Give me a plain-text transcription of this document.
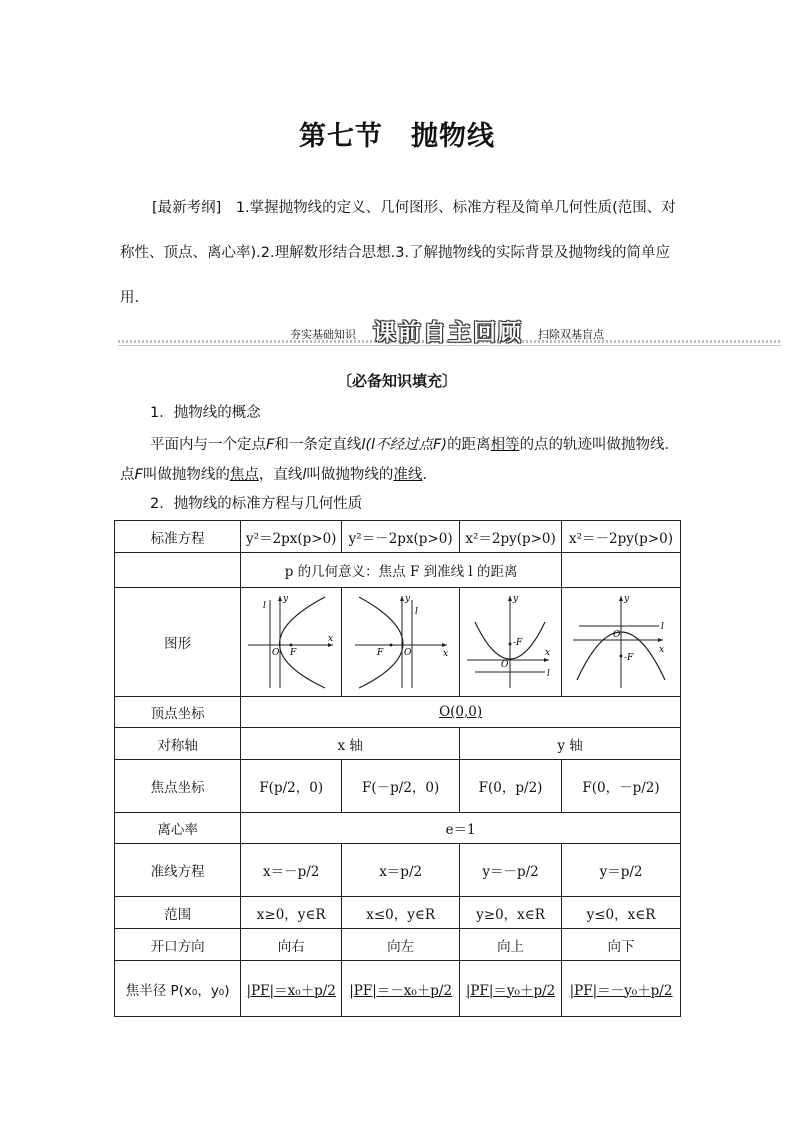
第七节　抛物线
[最新考纲]　1.掌握抛物线的定义、几何图形、标准方程及简单几何性质(范围、对称性、顶点、离心率).2.理解数形结合思想.3.了解抛物线的实际背景及抛物线的简单应用．
夯实基础知识 课前自主回顾 扫除双基盲点
〔必备知识填充〕
1．抛物线的概念
平面内与一个定点F和一条定直线l(l不经过点F)的距离相等的点的轨迹叫做抛物线．点F叫做抛物线的焦点，直线l叫做抛物线的准线.
2．抛物线的标准方程与几何性质
标准方程	y²＝2px(p>0)	y²＝－2px(p>0)	x²＝2py(p>0)	x²＝－2py(p>0)
	p 的几何意义：焦点 F 到准线 l 的距离			
图形	y
x
O F
l	y
x
O
F
l	y
x
O
-F
l	y
x
O
-F
l

顶点坐标	O(0,0)			
对称轴	x 轴		y 轴	
焦点坐标	F(p/2，0)	F(－p/2，0)	F(0，p/2)	F(0，－p/2)
离心率	e＝1			
准线方程	x＝－p/2	x＝p/2	y＝－p/2	y＝p/2
范围	x≥0，y∈R	x≤0，y∈R	y≥0，x∈R	y≤0，x∈R
开口方向	向右	向左	向上	向下
焦半径 P(x₀，y₀)	|PF|＝x₀＋p/2	|PF|＝－x₀＋p/2	|PF|＝y₀＋p/2	|PF|＝－y₀＋p/2
